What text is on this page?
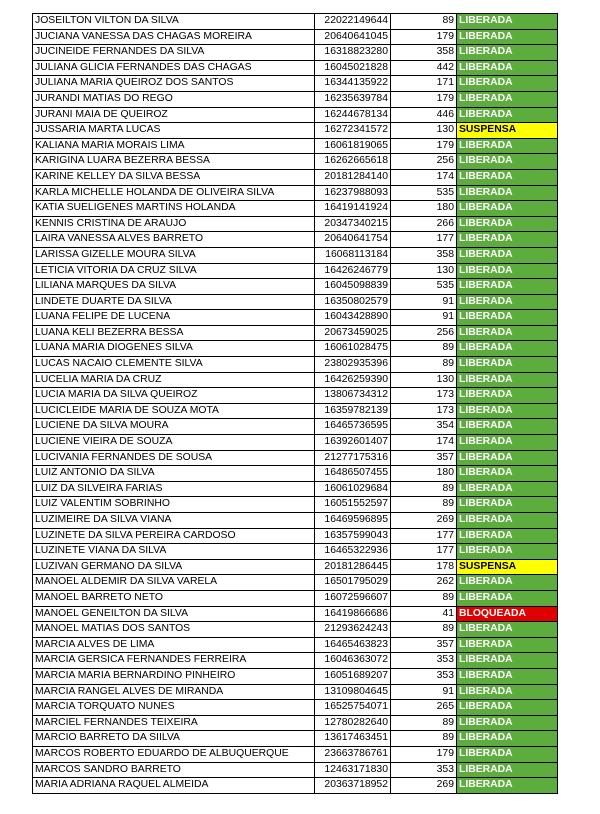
JOSEILTON VILTON DA SILVA	22022149644	89	LIBERADA
JUCIANA VANESSA DAS CHAGAS MOREIRA	20640641045	179	LIBERADA
JUCINEIDE FERNANDES DA SILVA	16318823280	358	LIBERADA
JULIANA GLICIA FERNANDES DAS CHAGAS	16045021828	442	LIBERADA
JULIANA MARIA QUEIROZ DOS SANTOS	16344135922	171	LIBERADA
JURANDI MATIAS DO REGO	16235639784	179	LIBERADA
JURANI MAIA DE QUEIROZ	16244678134	446	LIBERADA
JUSSARIA MARTA LUCAS	16272341572	130	SUSPENSA
KALIANA MARIA MORAIS LIMA	16061819065	179	LIBERADA
KARIGINA LUARA BEZERRA BESSA	16262665618	256	LIBERADA
KARINE KELLEY DA SILVA BESSA	20181284140	174	LIBERADA
KARLA MICHELLE HOLANDA DE OLIVEIRA SILVA	16237988093	535	LIBERADA
KATIA SUELIGENES MARTINS HOLANDA	16419141924	180	LIBERADA
KENNIS CRISTINA DE ARAUJO	20347340215	266	LIBERADA
LAIRA VANESSA ALVES BARRETO	20640641754	177	LIBERADA
LARISSA GIZELLE MOURA SILVA	16068113184	358	LIBERADA
LETICIA VITORIA DA CRUZ SILVA	16426246779	130	LIBERADA
LILIANA MARQUES DA SILVA	16045098839	535	LIBERADA
LINDETE DUARTE DA SILVA	16350802579	91	LIBERADA
LUANA FELIPE DE LUCENA	16043428890	91	LIBERADA
LUANA KELI BEZERRA BESSA	20673459025	256	LIBERADA
LUANA MARIA DIOGENES SILVA	16061028475	89	LIBERADA
LUCAS NACAIO CLEMENTE SILVA	23802935396	89	LIBERADA
LUCELIA MARIA DA CRUZ	16426259390	130	LIBERADA
LUCIA MARIA DA SILVA QUEIROZ	13806734312	173	LIBERADA
LUCICLEIDE MARIA DE SOUZA MOTA	16359782139	173	LIBERADA
LUCIENE DA SILVA MOURA	16465736595	354	LIBERADA
LUCIENE VIEIRA DE SOUZA	16392601407	174	LIBERADA
LUCIVANIA FERNANDES DE SOUSA	21277175316	357	LIBERADA
LUIZ ANTONIO DA SILVA	16486507455	180	LIBERADA
LUIZ DA SILVEIRA FARIAS	16061029684	89	LIBERADA
LUIZ VALENTIM SOBRINHO	16051552597	89	LIBERADA
LUZIMEIRE DA SILVA VIANA	16469596895	269	LIBERADA
LUZINETE DA SILVA PEREIRA CARDOSO	16357599043	177	LIBERADA
LUZINETE VIANA DA SILVA	16465322936	177	LIBERADA
LUZIVAN GERMANO DA SILVA	20181286445	178	SUSPENSA
MANOEL ALDEMIR DA SILVA VARELA	16501795029	262	LIBERADA
MANOEL BARRETO NETO	16072596607	89	LIBERADA
MANOEL GENEILTON DA SILVA	16419866686	41	BLOQUEADA
MANOEL MATIAS DOS SANTOS	21293624243	89	LIBERADA
MARCIA ALVES DE LIMA	16465463823	357	LIBERADA
MARCIA GERSICA FERNANDES FERREIRA	16046363072	353	LIBERADA
MARCIA MARIA BERNARDINO PINHEIRO	16051689207	353	LIBERADA
MARCIA RANGEL ALVES DE MIRANDA	13109804645	91	LIBERADA
MARCIA TORQUATO NUNES	16525754071	265	LIBERADA
MARCIEL FERNANDES TEIXEIRA	12780282640	89	LIBERADA
MARCIO BARRETO DA SIILVA	13617463451	89	LIBERADA
MARCOS ROBERTO EDUARDO DE ALBUQUERQUE	23663786761	179	LIBERADA
MARCOS SANDRO BARRETO	12463171830	353	LIBERADA
MARIA ADRIANA RAQUEL ALMEIDA	20363718952	269	LIBERADA
